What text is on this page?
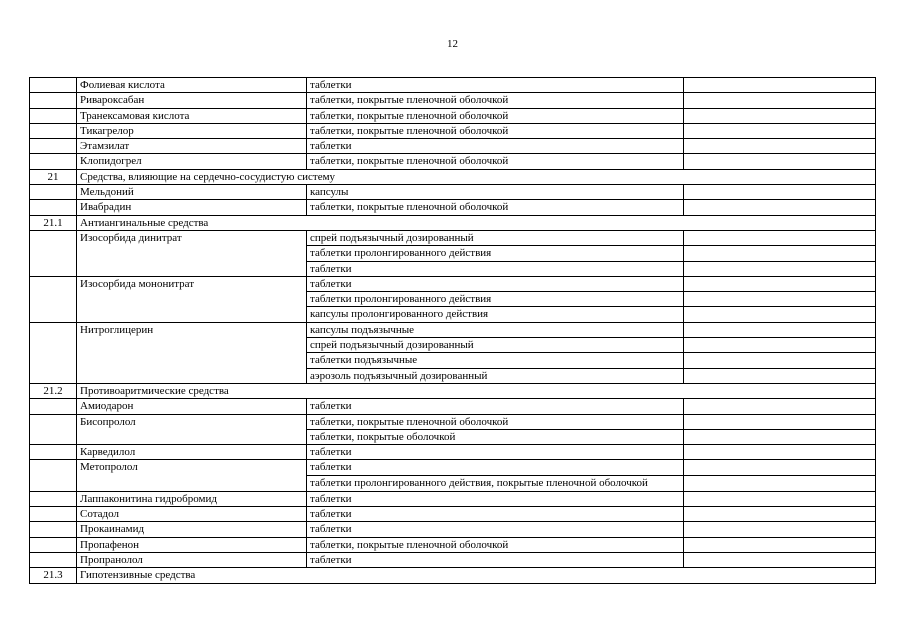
12
	Фолиевая кислота	таблетки	
	Ривароксабан	таблетки, покрытые пленочной оболочкой	
	Транексамовая кислота	таблетки, покрытые пленочной оболочкой	
	Тикагрелор	таблетки, покрытые пленочной оболочкой	
	Этамзилат	таблетки	
	Клопидогрел	таблетки, покрытые пленочной оболочкой	
21	Средства, влияющие на сердечно-сосудистую систему		
	Мельдоний	капсулы	
	Ивабрадин	таблетки, покрытые пленочной оболочкой	
21.1	Антиангинальные средства		
	Изосорбида динитрат	спрей подъязычный дозированный	
		таблетки пролонгированного действия	
		таблетки	
	Изосорбида мононитрат	таблетки	
		таблетки пролонгированного действия	
		капсулы пролонгированного действия	
	Нитроглицерин	капсулы подъязычные	
		спрей подъязычный дозированный	
		таблетки подъязычные	
		аэрозоль подъязычный дозированный	
21.2	Противоаритмические средства		
	Амиодарон	таблетки	
	Бисопролол	таблетки, покрытые пленочной оболочкой	
		таблетки, покрытые оболочкой	
	Карведилол	таблетки	
	Метопролол	таблетки	
		таблетки пролонгированного действия, покрытые пленочной оболочкой	
	Лаппаконитина гидробромид	таблетки	
	Сотадол	таблетки	
	Прокаинамид	таблетки	
	Пропафенон	таблетки, покрытые пленочной оболочкой	
	Пропранолол	таблетки	
21.3	Гипотензивные средства		
